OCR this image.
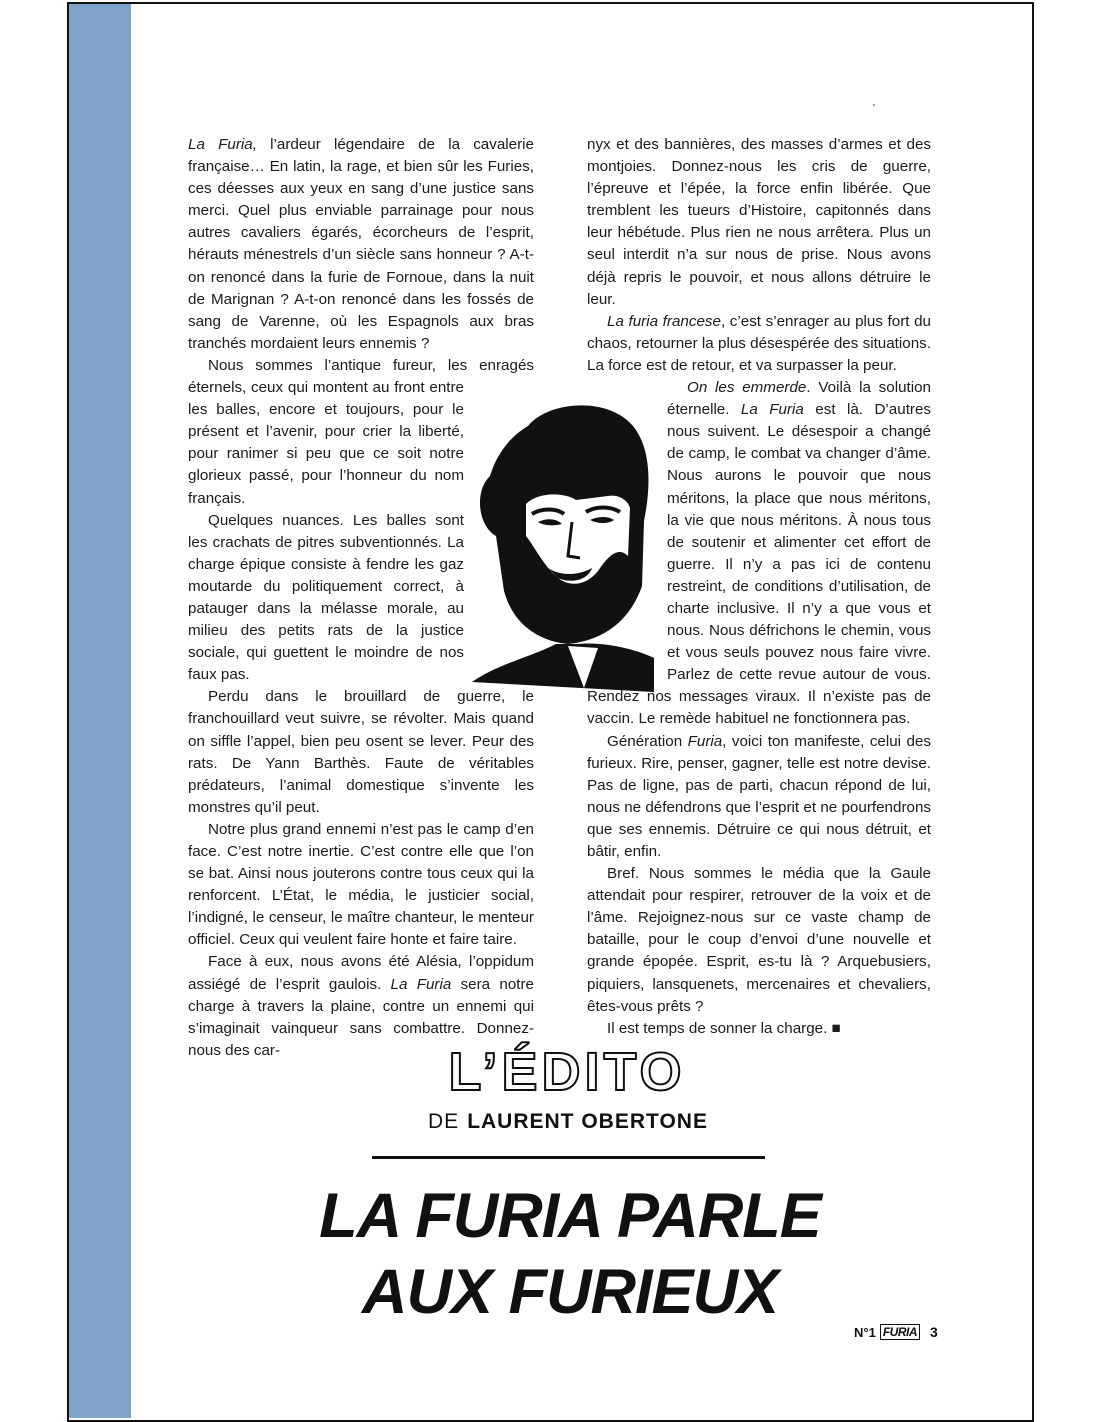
La Furia, l’ardeur légendaire de la cavalerie française… En latin, la rage, et bien sûr les Furies, ces déesses aux yeux en sang d’une justice sans merci. Quel plus enviable parrainage pour nous autres cavaliers égarés, écorcheurs de l’esprit, hérauts ménestrels d’un siècle sans honneur ? A-t-on renoncé dans la furie de Fornoue, dans la nuit de Marignan ? A-t-on renoncé dans les fossés de sang de Varenne, où les Espagnols aux bras tranchés mordaient leurs ennemis ?

Nous sommes l’antique fureur, les enragés éternels, ceux qui montent au front entre les balles, encore et toujours, pour le présent et l’avenir, pour crier la liberté, pour ranimer si peu que ce soit notre glorieux passé, pour l’honneur du nom français.

Quelques nuances. Les balles sont les crachats de pitres subventionnés. La charge épique consiste à fendre les gaz moutarde du politiquement correct, à patauger dans la mélasse morale, au milieu des petits rats de la justice sociale, qui guettent le moindre de nos faux pas.

Perdu dans le brouillard de guerre, le franchouillard veut suivre, se révolter. Mais quand on siffle l’appel, bien peu osent se lever. Peur des rats. De Yann Barthès. Faute de véritables prédateurs, l’animal domestique s’invente les monstres qu’il peut.

Notre plus grand ennemi n’est pas le camp d’en face. C’est notre inertie. C’est contre elle que l’on se bat. Ainsi nous jouterons contre tous ceux qui la renforcent. L’État, le média, le justicier social, l’indigné, le censeur, le maître chanteur, le menteur officiel. Ceux qui veulent faire honte et faire taire.

Face à eux, nous avons été Alésia, l’oppidum assiégé de l’esprit gaulois. La Furia sera notre charge à travers la plaine, contre un ennemi qui s’imaginait vainqueur sans combattre. Donnez-nous des car-

nyx et des bannières, des masses d’armes et des montjoies. Donnez-nous les cris de guerre, l’épreuve et l’épée, la force enfin libérée. Que tremblent les tueurs d’Histoire, capitonnés dans leur hébétude. Plus rien ne nous arrêtera. Plus un seul interdit n’a sur nous de prise. Nous avons déjà repris le pouvoir, et nous allons détruire le leur.

La furia francese, c’est s’enrager au plus fort du chaos, retourner la plus désespérée des situations. La force est de retour, et va surpasser la peur.

On les emmerde. Voilà la solution éternelle. La Furia est là. D’autres nous suivent. Le désespoir a changé de camp, le combat va changer d’âme. Nous aurons le pouvoir que nous méritons, la place que nous méritons, la vie que nous méritons. À nous tous de soutenir et alimenter cet effort de guerre. Il n’y a pas ici de contenu restreint, de conditions d’utilisation, de charte inclusive. Il n’y a que vous et nous. Nous défrichons le chemin, vous et vous seuls pouvez nous faire vivre. Parlez de cette revue autour de vous. Rendez nos messages viraux. Il n’existe pas de vaccin. Le remède habituel ne fonctionnera pas.

Génération Furia, voici ton manifeste, celui des furieux. Rire, penser, gagner, telle est notre devise. Pas de ligne, pas de parti, chacun répond de lui, nous ne défendrons que l’esprit et ne pourfendrons que ses ennemis. Détruire ce qui nous détruit, et bâtir, enfin.

Bref. Nous sommes le média que la Gaule attendait pour respirer, retrouver de la voix et de l’âme. Rejoignez-nous sur ce vaste champ de bataille, pour le coup d’envoi d’une nouvelle et grande épopée. Esprit, es-tu là ? Arquebusiers, piquiers, lansquenets, mercenaires et chevaliers, êtes-vous prêts ?

Il est temps de sonner la charge. ■

L’ÉDITO
DE LAURENT OBERTONE
LA FURIA PARLE
AUX FURIEUX
N°1 FURIA 3
